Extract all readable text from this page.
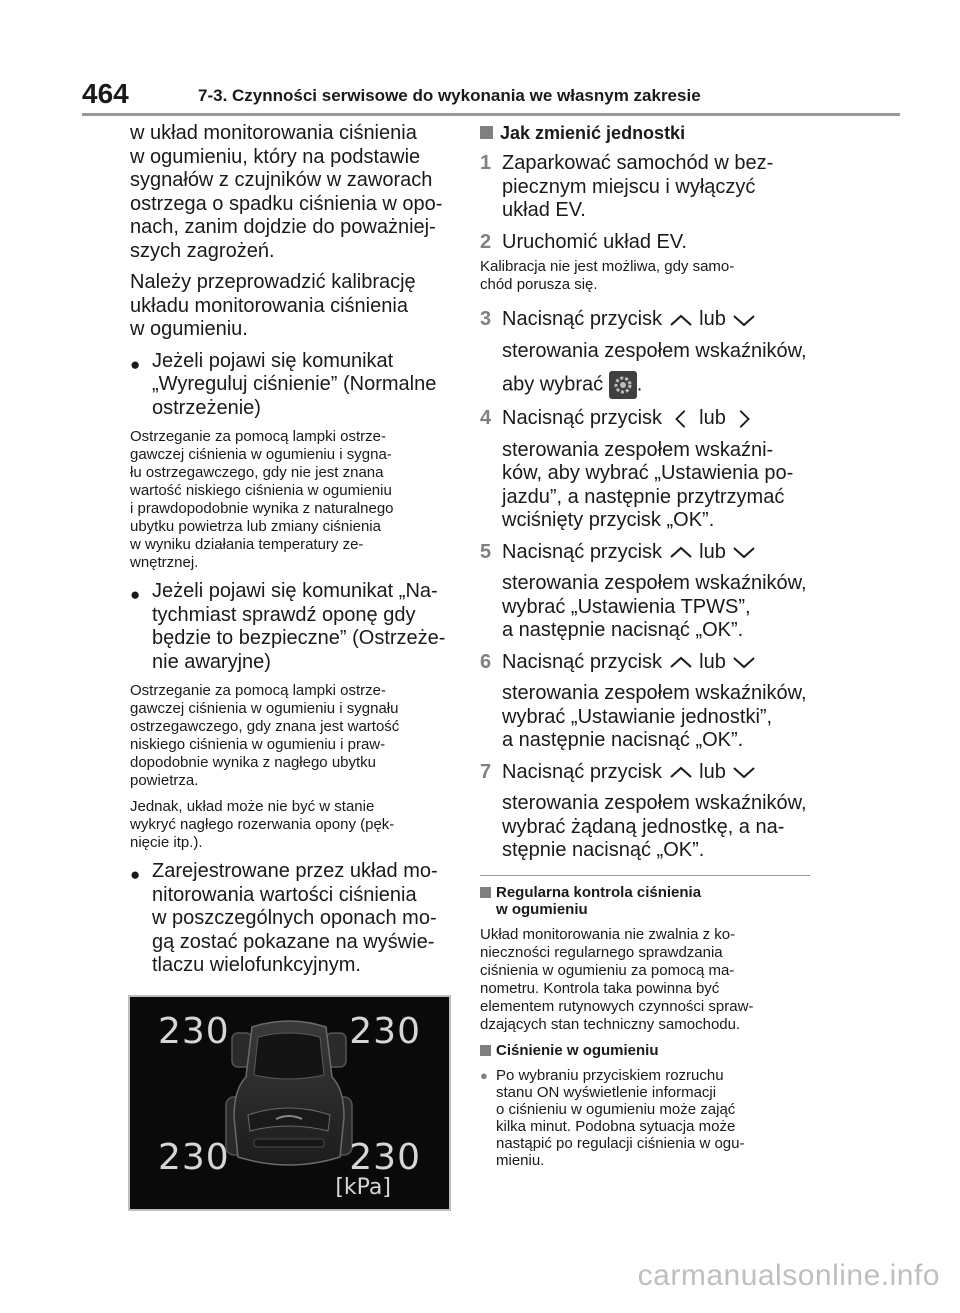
464	7-3. Czynności serwisowe do wykonania we własnym zakresie
w układ monitorowania ciśnienia
w ogumieniu, który na podstawie
sygnałów z czujników w zaworach
ostrzega o spadku ciśnienia w opo-
nach, zanim dojdzie do poważniej-
szych zagrożeń.
Należy przeprowadzić kalibrację
układu monitorowania ciśnienia
w ogumieniu.
● Jeżeli pojawi się komunikat
„Wyreguluj ciśnienie” (Normalne
ostrzeżenie)
Ostrzeganie za pomocą lampki ostrze-
gawczej ciśnienia w ogumieniu i sygna-
łu ostrzegawczego, gdy nie jest znana
wartość niskiego ciśnienia w ogumieniu
i prawdopodobnie wynika z naturalnego
ubytku powietrza lub zmiany ciśnienia
w wyniku działania temperatury ze-
wnętrznej.
● Jeżeli pojawi się komunikat „Na-
tychmiast sprawdź oponę gdy
będzie to bezpieczne” (Ostrzeże-
nie awaryjne)
Ostrzeganie za pomocą lampki ostrze-
gawczej ciśnienia w ogumieniu i sygnału
ostrzegawczego, gdy znana jest wartość
niskiego ciśnienia w ogumieniu i praw-
dopodobnie wynika z nagłego ubytku
powietrza.
Jednak, układ może nie być w stanie
wykryć nagłego rozerwania opony (pęk-
nięcie itp.).
● Zarejestrowane przez układ mo-
nitorowania wartości ciśnienia
w poszczególnych oponach mo-
gą zostać pokazane na wyświe-
tlaczu wielofunkcyjnym.
230	230
230	230
[kPa]
Jak zmienić jednostki
1 Zaparkować samochód w bez-
piecznym miejscu i wyłączyć
układ EV.
2 Uruchomić układ EV.
Kalibracja nie jest możliwa, gdy samo-
chód porusza się.
3 Nacisnąć przycisk lub
sterowania zespołem wskaźników,
aby wybrać .
4 Nacisnąć przycisk lub
sterowania zespołem wskaźni-
ków, aby wybrać „Ustawienia po-
jazdu”, a następnie przytrzymać
wciśnięty przycisk „OK”.
5 Nacisnąć przycisk lub
sterowania zespołem wskaźników,
wybrać „Ustawienia TPWS”,
a następnie nacisnąć „OK”.
6 Nacisnąć przycisk lub
sterowania zespołem wskaźników,
wybrać „Ustawianie jednostki”,
a następnie nacisnąć „OK”.
7 Nacisnąć przycisk lub
sterowania zespołem wskaźników,
wybrać żądaną jednostkę, a na-
stępnie nacisnąć „OK”.
Regularna kontrola ciśnienia
w ogumieniu
Układ monitorowania nie zwalnia z ko-
nieczności regularnego sprawdzania
ciśnienia w ogumieniu za pomocą ma-
nometru. Kontrola taka powinna być
elementem rutynowych czynności spraw-
dzających stan techniczny samochodu.
Ciśnienie w ogumieniu
● Po wybraniu przyciskiem rozruchu
stanu ON wyświetlenie informacji
o ciśnieniu w ogumieniu może zająć
kilka minut. Podobna sytuacja może
nastąpić po regulacji ciśnienia w ogu-
mieniu.
carmanualsonline.info
